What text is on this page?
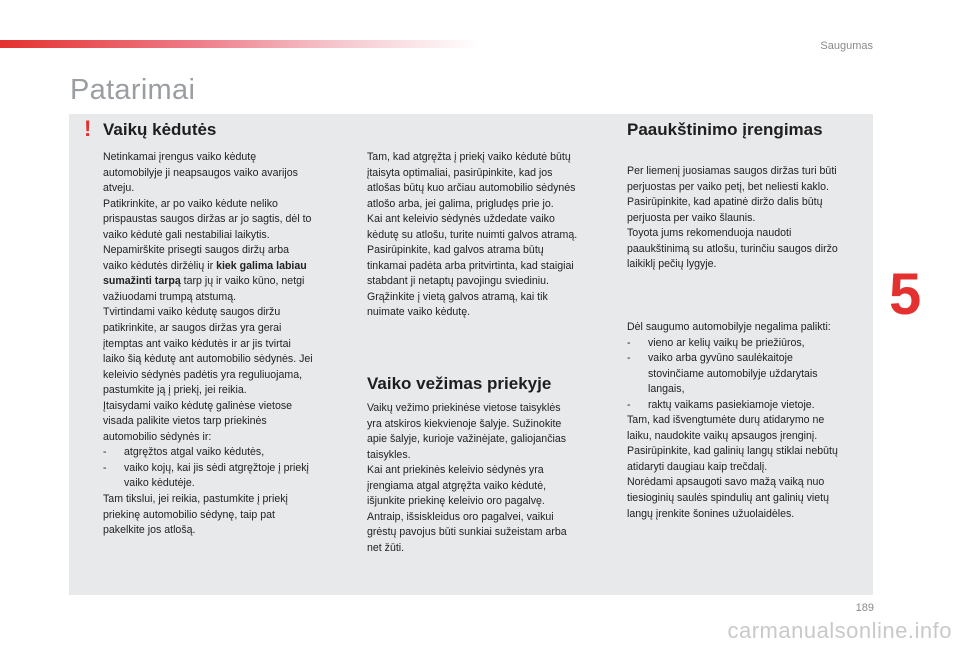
Saugumas
Patarimai
! Vaikų kėdutės

Netinkamai įrengus vaiko kėdutę

automobilyje ji neapsaugos vaiko avarijos

atveju.

Patikrinkite, ar po vaiko kėdute neliko

prispaustas saugos diržas ar jo sagtis, dėl to

vaiko kėdutė gali nestabiliai laikytis.

Nepamirškite prisegti saugos diržų arba

vaiko kėdutės diržėlių ir kiek galima labiau

sumažinti tarpą tarp jų ir vaiko kūno, netgi

važiuodami trumpą atstumą.

Tvirtindami vaiko kėdutę saugos diržu

patikrinkite, ar saugos diržas yra gerai

įtemptas ant vaiko kėdutės ir ar jis tvirtai

laiko šią kėdutę ant automobilio sėdynės. Jei

keleivio sėdynės padėtis yra reguliuojama,

pastumkite ją į priekį, jei reikia.

Įtaisydami vaiko kėdutę galinėse vietose

visada palikite vietos tarp priekinės

automobilio sėdynės ir:

- atgręžtos atgal vaiko kėdutės,

- vaiko kojų, kai jis sėdi atgręžtoje į priekį

vaiko kėdutėje.

Tam tikslui, jei reikia, pastumkite į priekį

priekinę automobilio sėdynę, taip pat

pakelkite jos atlošą.

Tam, kad atgręžta į priekį vaiko kėdutė būtų

įtaisyta optimaliai, pasirūpinkite, kad jos

atlošas būtų kuo arčiau automobilio sėdynės

atlošo arba, jei galima, prigludęs prie jo.

Kai ant keleivio sėdynės uždedate vaiko

kėdutę su atlošu, turite nuimti galvos atramą.

Pasirūpinkite, kad galvos atrama būtų

tinkamai padėta arba pritvirtinta, kad staigiai

stabdant ji netaptų pavojingu sviediniu.

Grąžinkite į vietą galvos atramą, kai tik

nuimate vaiko kėdutę.

Vaiko vežimas priekyje

Vaikų vežimo priekinėse vietose taisyklės

yra atskiros kiekvienoje šalyje. Sužinokite

apie šalyje, kurioje važinėjate, galiojančias

taisykles.

Kai ant priekinės keleivio sėdynės yra

įrengiama atgal atgręžta vaiko kėdutė,

išjunkite priekinę keleivio oro pagalvę.

Antraip, išsiskleidus oro pagalvei, vaikui

grėstų pavojus būti sunkiai sužeistam arba

net žūti.

Paaukštinimo įrengimas

Per liemenį juosiamas saugos diržas turi būti

perjuostas per vaiko petį, bet neliesti kaklo.

Pasirūpinkite, kad apatinė diržo dalis būtų

perjuosta per vaiko šlaunis.

Toyota jums rekomenduoja naudoti

paaukštinimą su atlošu, turinčiu saugos diržo

laikiklį pečių lygyje.

Dėl saugumo automobilyje negalima palikti:

- vieno ar kelių vaikų be priežiūros,

- vaiko arba gyvūno saulėkaitoje

stovinčiame automobilyje uždarytais

langais,

- raktų vaikams pasiekiamoje vietoje.

Tam, kad išvengtumėte durų atidarymo ne

laiku, naudokite vaikų apsaugos įrenginį.

Pasirūpinkite, kad galinių langų stiklai nebūtų

atidaryti daugiau kaip trečdalį.

Norėdami apsaugoti savo mažą vaiką nuo

tiesioginių saulės spindulių ant galinių vietų

langų įrenkite šonines užuolaidėles.

5
189
carmanualsonline.info
